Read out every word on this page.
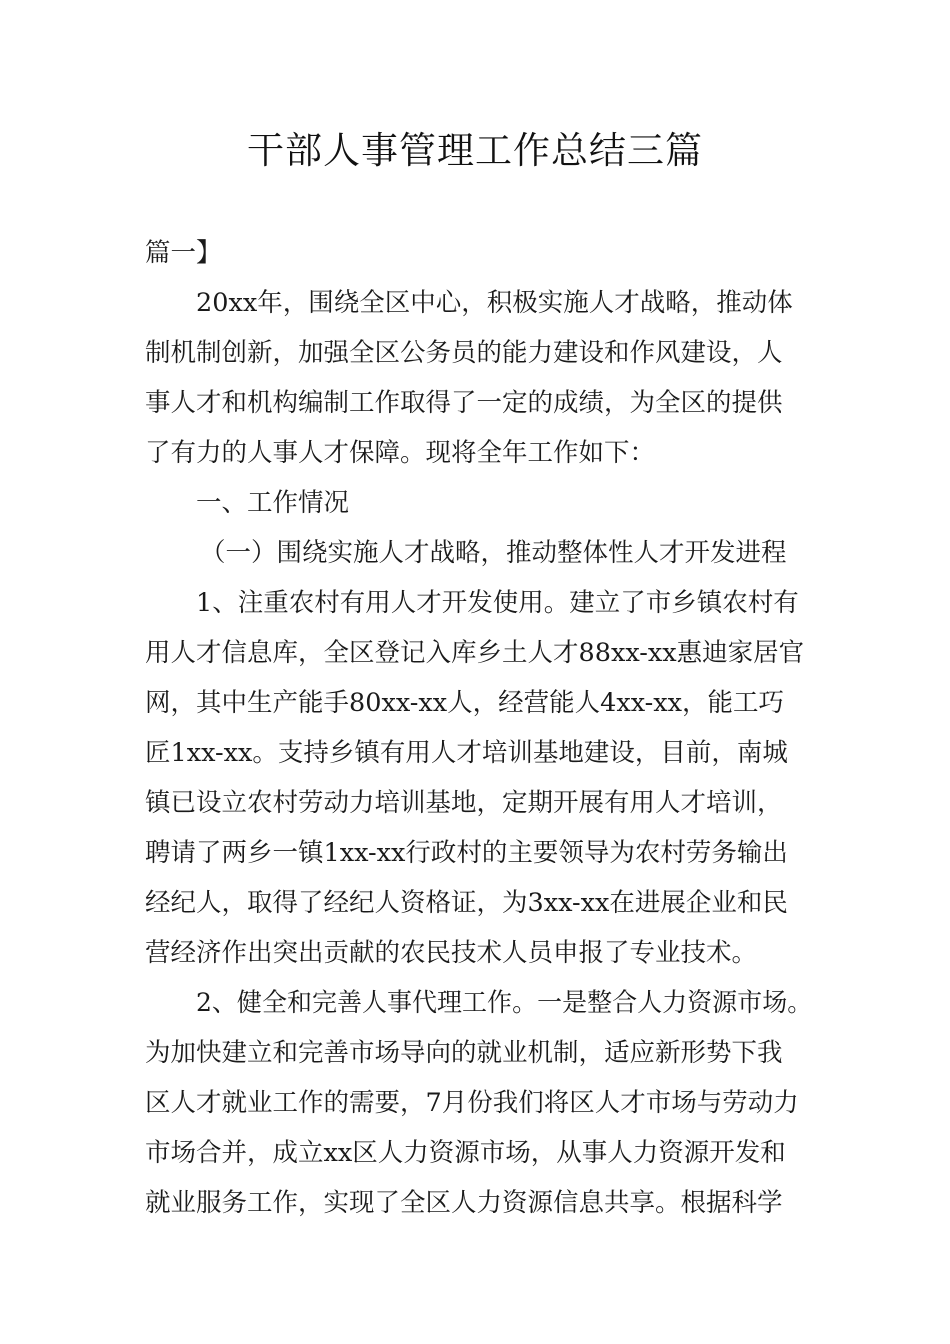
干部人事管理工作总结三篇
篇一】
20xx年，围绕全区中心，积极实施人才战略，推动体
制机制创新，加强全区公务员的能力建设和作风建设，人
事人才和机构编制工作取得了一定的成绩，为全区的提供
了有力的人事人才保障。现将全年工作如下：
一、工作情况
（一）围绕实施人才战略，推动整体性人才开发进程
1、注重农村有用人才开发使用。建立了市乡镇农村有
用人才信息库，全区登记入库乡土人才88xx-xx惠迪家居官
网，其中生产能手80xx-xx人，经营能人4xx-xx，能工巧
匠1xx-xx。支持乡镇有用人才培训基地建设，目前，南城
镇已设立农村劳动力培训基地，定期开展有用人才培训，
聘请了两乡一镇1xx-xx行政村的主要领导为农村劳务输出
经纪人，取得了经纪人资格证，为3xx-xx在进展企业和民
营经济作出突出贡献的农民技术人员申报了专业技术。
2、健全和完善人事代理工作。一是整合人力资源市场。
为加快建立和完善市场导向的就业机制，适应新形势下我
区人才就业工作的需要，7月份我们将区人才市场与劳动力
市场合并，成立xx区人力资源市场，从事人力资源开发和
就业服务工作，实现了全区人力资源信息共享。根据科学
